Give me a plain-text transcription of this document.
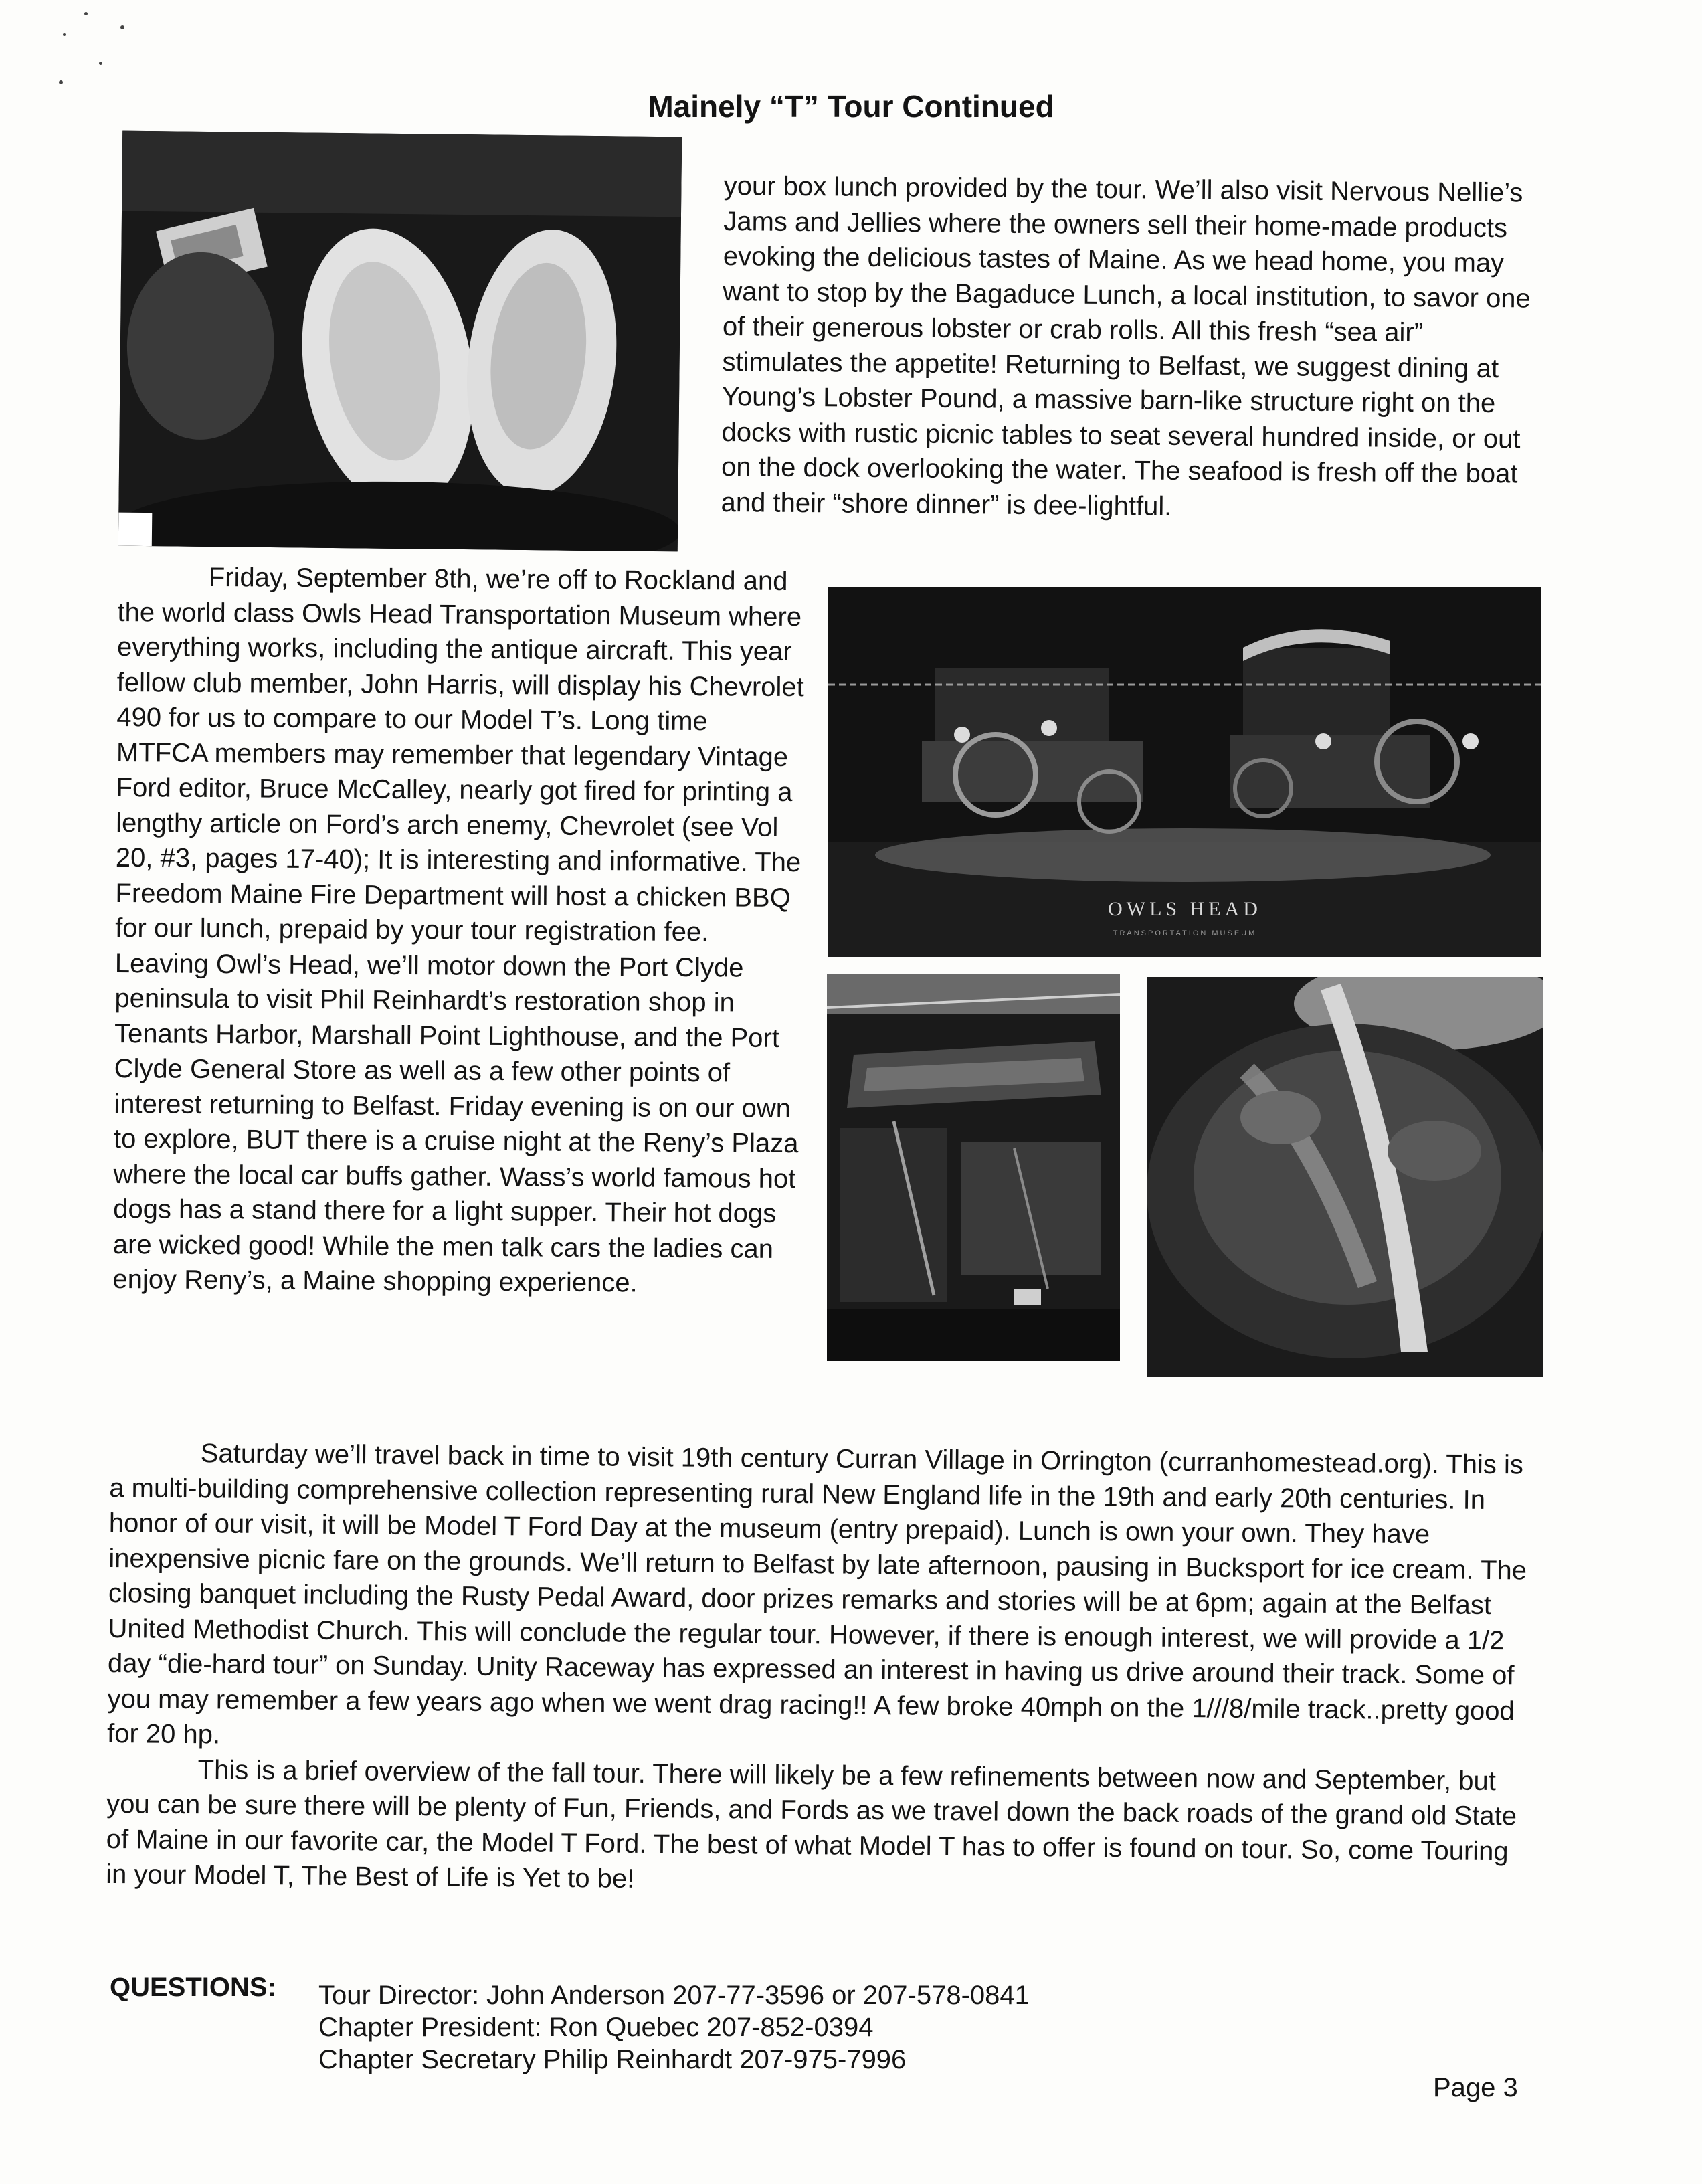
Mainely “T” Tour Continued
OWLS HEAD
TRANSPORTATION MUSEUM

your box lunch provided by the tour. We’ll also visit Nervous Nellie’s Jams and Jellies where the owners sell their home-made products evoking the delicious tastes of Maine. As we head home, you may want to stop by the Bagaduce Lunch, a local institution, to savor one of their generous lobster or crab rolls. All this fresh “sea air” stimulates the appetite! Returning to Belfast, we suggest dining at Young’s Lobster Pound, a massive barn-like structure right on the docks with rustic picnic tables to seat several hundred inside, or out on the dock overlooking the water. The seafood is fresh off the boat and their “shore dinner” is dee-lightful.

Friday, September 8th, we’re off to Rockland and the world class Owls Head Transportation Museum where everything works, including the antique aircraft. This year fellow club member, John Harris, will display his Chevrolet 490 for us to compare to our Model T’s. Long time MTFCA members may remember that legendary Vintage Ford editor, Bruce McCalley, nearly got fired for printing a lengthy article on Ford’s arch enemy, Chevrolet (see Vol 20, #3, pages 17-40); It is interesting and informative. The Freedom Maine Fire Department will host a chicken BBQ for our lunch, prepaid by your tour registration fee. Leaving Owl’s Head, we’ll motor down the Port Clyde peninsula to visit Phil Reinhardt’s restoration shop in Tenants Harbor, Marshall Point Lighthouse, and the Port Clyde General Store as well as a few other points of interest returning to Belfast. Friday evening is on our own to explore, BUT there is a cruise night at the Reny’s Plaza where the local car buffs gather. Wass’s world famous hot dogs has a stand there for a light supper. Their hot dogs are wicked good! While the men talk cars the ladies can enjoy Reny’s, a Maine shopping experience.

Saturday we’ll travel back in time to visit 19th century Curran Village in Orrington (curranhomestead.org). This is a multi-building comprehensive collection representing rural New England life in the 19th and early 20th centuries. In honor of our visit, it will be Model T Ford Day at the museum (entry prepaid). Lunch is own your own. They have inexpensive picnic fare on the grounds. We’ll return to Belfast by late afternoon, pausing in Bucksport for ice cream. The closing banquet including the Rusty Pedal Award, door prizes remarks and stories will be at 6pm; again at the Belfast United Methodist Church. This will conclude the regular tour. However, if there is enough interest, we will provide a 1/2 day “die-hard tour” on Sunday. Unity Raceway has expressed an interest in having us drive around their track. Some of you may remember a few years ago when we went drag racing!! A few broke 40mph on the 1///8/mile track..pretty good for 20 hp.

This is a brief overview of the fall tour. There will likely be a few refinements between now and September, but you can be sure there will be plenty of Fun, Friends, and Fords as we travel down the back roads of the grand old State of Maine in our favorite car, the Model T Ford. The best of what Model T has to offer is found on tour. So, come Touring in your Model T, The Best of Life is Yet to be!

QUESTIONS: Tour Director: John Anderson 207-77-3596 or 207-578-0841
Chapter President: Ron Quebec 207-852-0394
Chapter Secretary Philip Reinhardt 207-975-7996
Page 3
